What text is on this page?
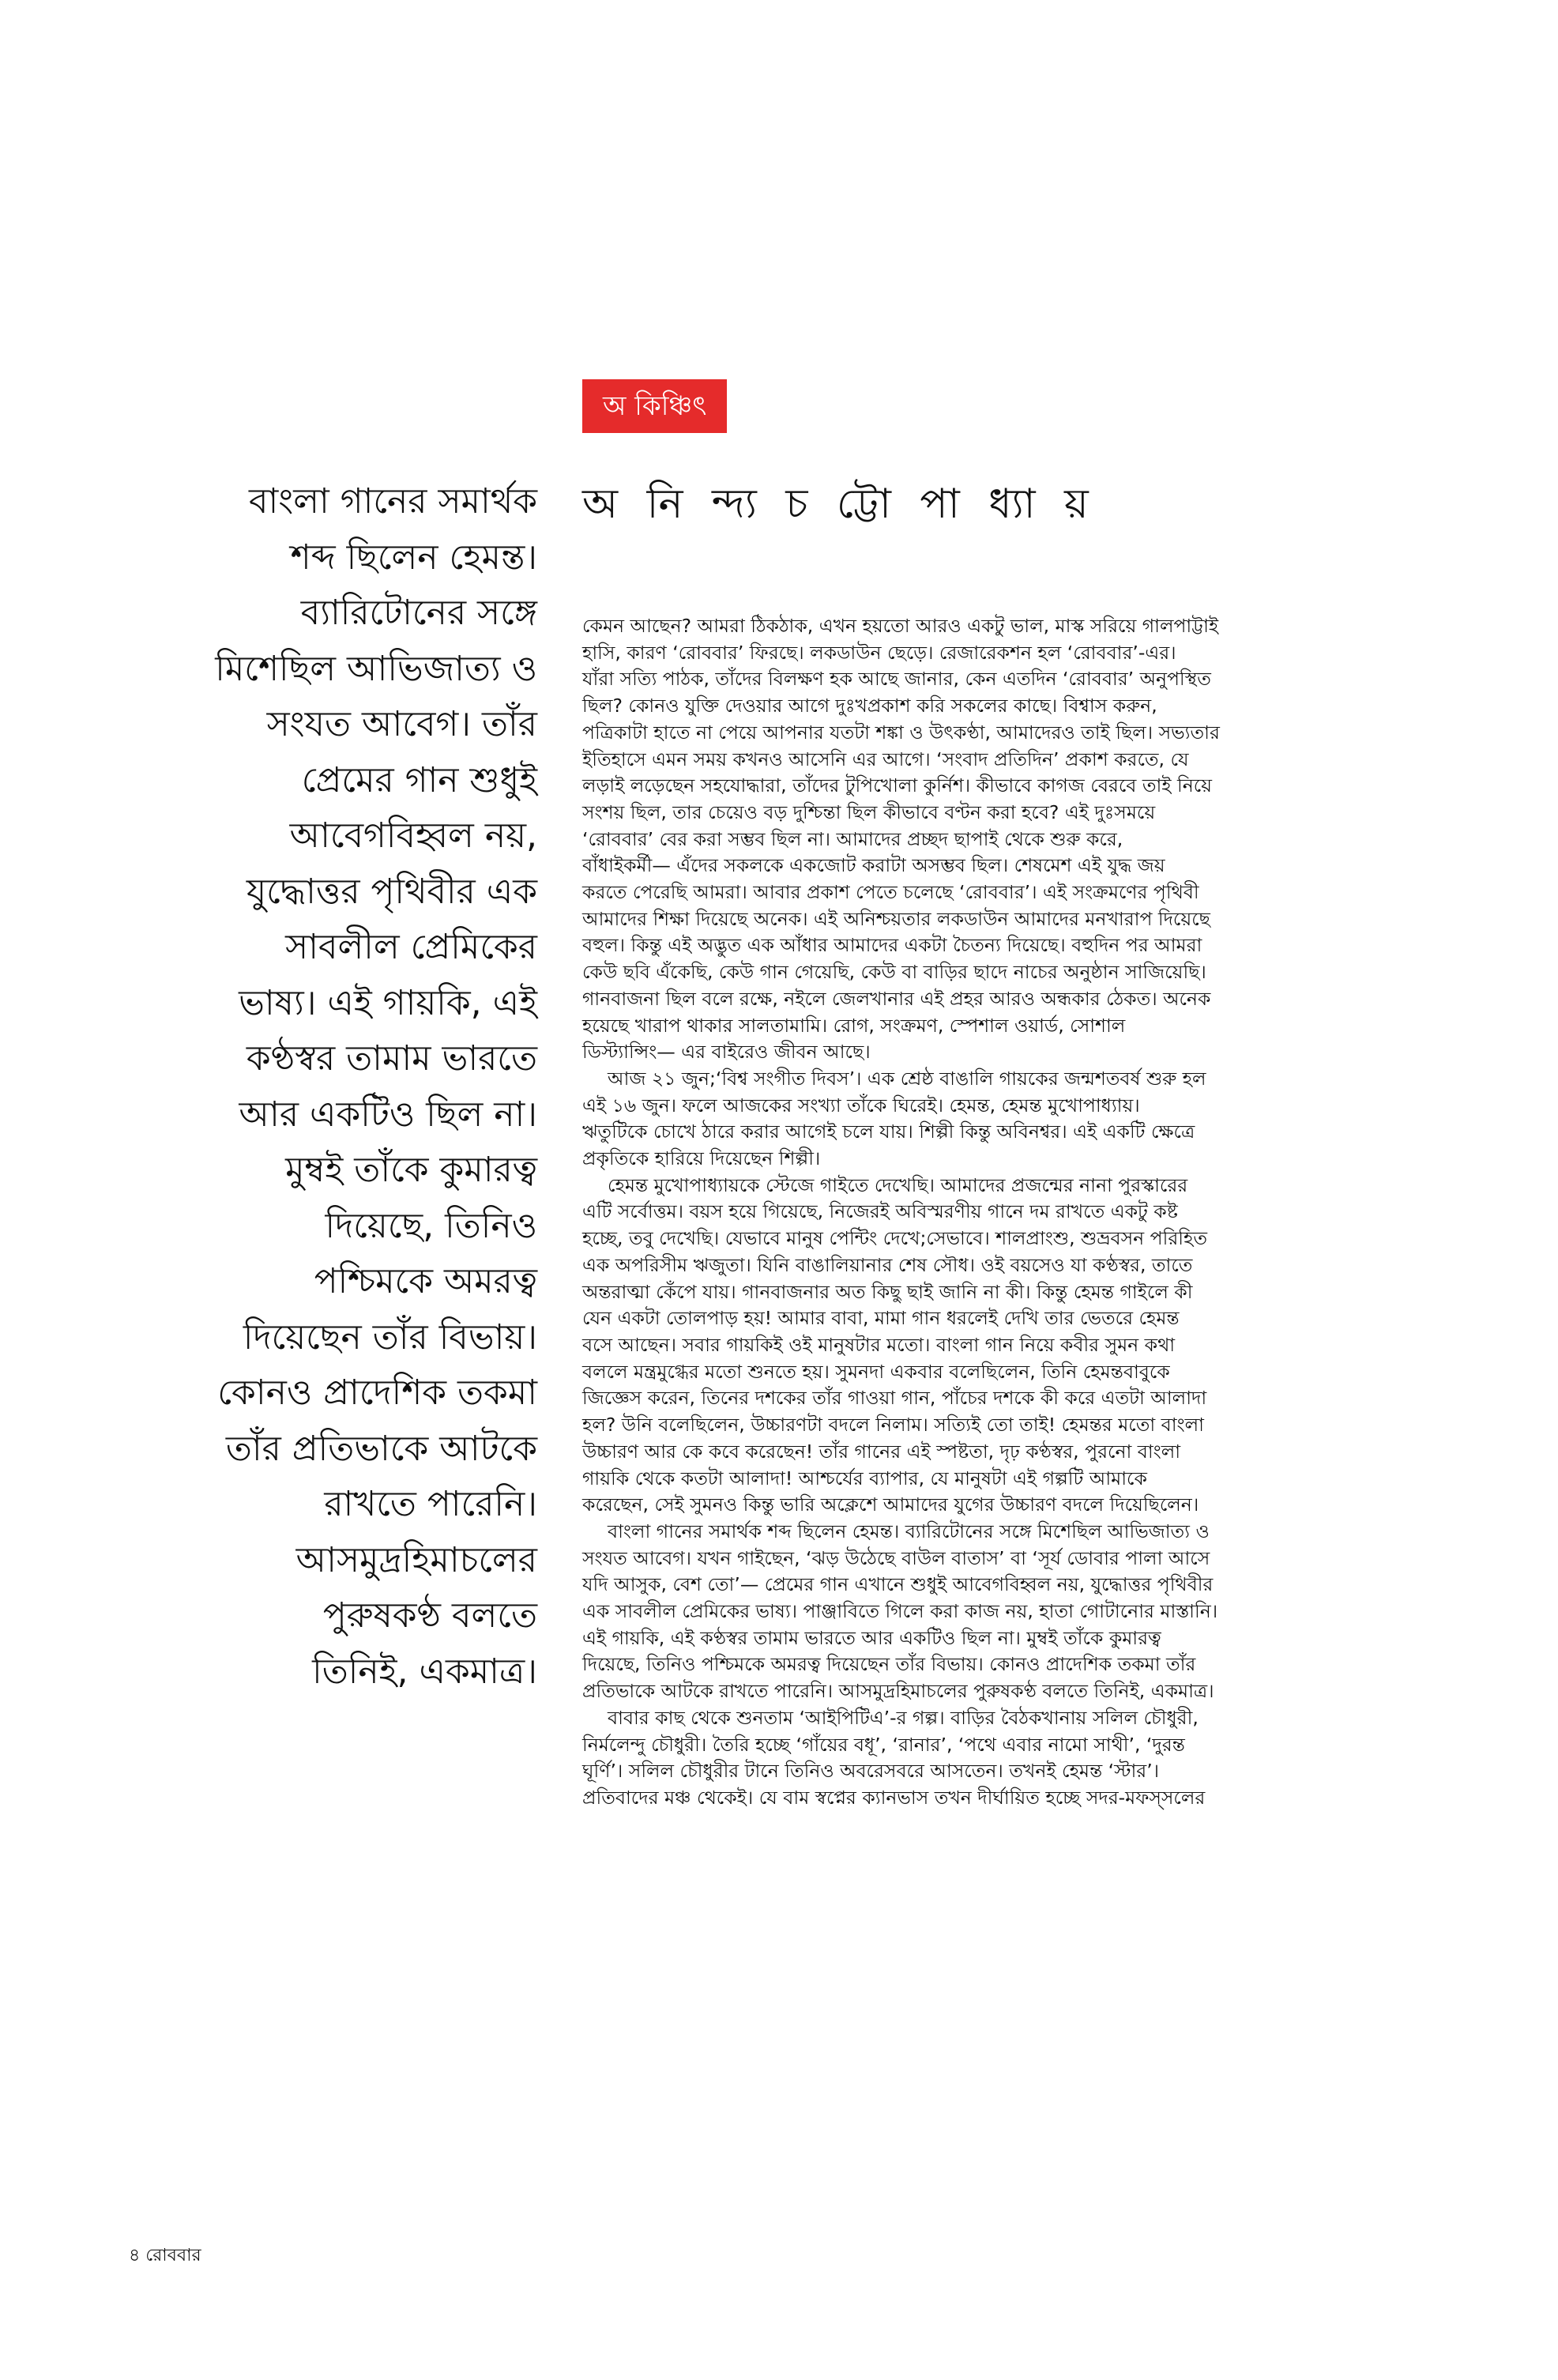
অ কিঞ্চিৎ
অ নি ন্দ্য চ ট্টো পা ধ্যা য়
বাংলা গানের সমার্থক
শব্দ ছিলেন হেমন্ত।
ব্যারিটোনের সঙ্গে
মিশেছিল আভিজাত্য ও
সংযত আবেগ। তাঁর
প্রেমের গান শুধুই
আবেগবিহ্বল নয়,
যুদ্ধোত্তর পৃথিবীর এক
সাবলীল প্রেমিকের
ভাষ্য। এই গায়কি, এই
কণ্ঠস্বর তামাম ভারতে
আর একটিও ছিল না।
মুম্বই তাঁকে কুমারত্ব
দিয়েছে, তিনিও
পশ্চিমকে অমরত্ব
দিয়েছেন তাঁর বিভায়।
কোনও প্রাদেশিক তকমা
তাঁর প্রতিভাকে আটকে
রাখতে পারেনি।
আসমুদ্রহিমাচলের
পুরুষকণ্ঠ বলতে
তিনিই, একমাত্র।
কেমন আছেন? আমরা ঠিকঠাক, এখন হয়তো আরও একটু ভাল, মাস্ক সরিয়ে গালপাট্টাই
হাসি, কারণ ‘রোববার’ ফিরছে। লকডাউন ছেড়ে। রেজারেকশন হল ‘রোববার’-এর।
যাঁরা সত্যি পাঠক, তাঁদের বিলক্ষণ হক আছে জানার, কেন এতদিন ‘রোববার’ অনুপস্থিত
ছিল? কোনও যুক্তি দেওয়ার আগে দুঃখপ্রকাশ করি সকলের কাছে। বিশ্বাস করুন,
পত্রিকাটা হাতে না পেয়ে আপনার যতটা শঙ্কা ও উৎকণ্ঠা, আমাদেরও তাই ছিল। সভ্যতার
ইতিহাসে এমন সময় কখনও আসেনি এর আগে। ‘সংবাদ প্রতিদিন’ প্রকাশ করতে, যে
লড়াই লড়েছেন সহযোদ্ধারা, তাঁদের টুপিখোলা কুর্নিশ। কীভাবে কাগজ বেরবে তাই নিয়ে
সংশয় ছিল, তার চেয়েও বড় দুশ্চিন্তা ছিল কীভাবে বণ্টন করা হবে? এই দুঃসময়ে
‘রোববার’ বের করা সম্ভব ছিল না। আমাদের প্রচ্ছদ ছাপাই থেকে শুরু করে,
বাঁধাইকর্মী— এঁদের সকলকে একজোট করাটা অসম্ভব ছিল। শেষমেশ এই যুদ্ধ জয়
করতে পেরেছি আমরা। আবার প্রকাশ পেতে চলেছে ‘রোববার’। এই সংক্রমণের পৃথিবী
আমাদের শিক্ষা দিয়েছে অনেক। এই অনিশ্চয়তার লকডাউন আমাদের মনখারাপ দিয়েছে
বহুল। কিন্তু এই অদ্ভুত এক আঁধার আমাদের একটা চৈতন্য দিয়েছে। বহুদিন পর আমরা
কেউ ছবি এঁকেছি, কেউ গান গেয়েছি, কেউ বা বাড়ির ছাদে নাচের অনুষ্ঠান সাজিয়েছি।
গানবাজনা ছিল বলে রক্ষে, নইলে জেলখানার এই প্রহর আরও অন্ধকার ঠেকত। অনেক
হয়েছে খারাপ থাকার সালতামামি। রোগ, সংক্রমণ, স্পেশাল ওয়ার্ড, সোশাল
ডিস্ট্যান্সিং— এর বাইরেও জীবন আছে।
আজ ২১ জুন;‘বিশ্ব সংগীত দিবস’। এক শ্রেষ্ঠ বাঙালি গায়কের জন্মশতবর্ষ শুরু হল
এই ১৬ জুন। ফলে আজকের সংখ্যা তাঁকে ঘিরেই। হেমন্ত, হেমন্ত মুখোপাধ্যায়।
ঋতুটিকে চোখে ঠারে করার আগেই চলে যায়। শিল্পী কিন্তু অবিনশ্বর। এই একটি ক্ষেত্রে
প্রকৃতিকে হারিয়ে দিয়েছেন শিল্পী।
হেমন্ত মুখোপাধ্যায়কে স্টেজে গাইতে দেখেছি। আমাদের প্রজন্মের নানা পুরস্কারের
এটি সর্বোত্তম। বয়স হয়ে গিয়েছে, নিজেরই অবিস্মরণীয় গানে দম রাখতে একটু কষ্ট
হচ্ছে, তবু দেখেছি। যেভাবে মানুষ পেন্টিং দেখে;সেভাবে। শালপ্রাংশু, শুভ্রবসন পরিহিত
এক অপরিসীম ঋজুতা। যিনি বাঙালিয়ানার শেষ সৌধ। ওই বয়সেও যা কণ্ঠস্বর, তাতে
অন্তরাত্মা কেঁপে যায়। গানবাজনার অত কিছু ছাই জানি না কী। কিন্তু হেমন্ত গাইলে কী
যেন একটা তোলপাড় হয়! আমার বাবা, মামা গান ধরলেই দেখি তার ভেতরে হেমন্ত
বসে আছেন। সবার গায়কিই ওই মানুষটার মতো। বাংলা গান নিয়ে কবীর সুমন কথা
বললে মন্ত্রমুগ্ধের মতো শুনতে হয়। সুমনদা একবার বলেছিলেন, তিনি হেমন্তবাবুকে
জিজ্ঞেস করেন, তিনের দশকের তাঁর গাওয়া গান, পাঁচের দশকে কী করে এতটা আলাদা
হল? উনি বলেছিলেন, উচ্চারণটা বদলে নিলাম। সত্যিই তো তাই! হেমন্তর মতো বাংলা
উচ্চারণ আর কে কবে করেছেন! তাঁর গানের এই স্পষ্টতা, দৃঢ় কণ্ঠস্বর, পুরনো বাংলা
গায়কি থেকে কতটা আলাদা! আশ্চর্যের ব্যাপার, যে মানুষটা এই গল্পটি আমাকে
করেছেন, সেই সুমনও কিন্তু ভারি অক্লেশে আমাদের যুগের উচ্চারণ বদলে দিয়েছিলেন।
বাংলা গানের সমার্থক শব্দ ছিলেন হেমন্ত। ব্যারিটোনের সঙ্গে মিশেছিল আভিজাত্য ও
সংযত আবেগ। যখন গাইছেন, ‘ঝড় উঠেছে বাউল বাতাস’ বা ‘সূর্য ডোবার পালা আসে
যদি আসুক, বেশ তো’— প্রেমের গান এখানে শুধুই আবেগবিহ্বল নয়, যুদ্ধোত্তর পৃথিবীর
এক সাবলীল প্রেমিকের ভাষ্য। পাঞ্জাবিতে গিলে করা কাজ নয়, হাতা গোটানোর মাস্তানি।
এই গায়কি, এই কণ্ঠস্বর তামাম ভারতে আর একটিও ছিল না। মুম্বই তাঁকে কুমারত্ব
দিয়েছে, তিনিও পশ্চিমকে অমরত্ব দিয়েছেন তাঁর বিভায়। কোনও প্রাদেশিক তকমা তাঁর
প্রতিভাকে আটকে রাখতে পারেনি। আসমুদ্রহিমাচলের পুরুষকণ্ঠ বলতে তিনিই, একমাত্র।
বাবার কাছ থেকে শুনতাম ‘আইপিটিএ’-র গল্প। বাড়ির বৈঠকখানায় সলিল চৌধুরী,
নির্মলেন্দু চৌধুরী। তৈরি হচ্ছে ‘গাঁয়ের বধূ’, ‘রানার’, ‘পথে এবার নামো সাথী’, ‘দুরন্ত
ঘূর্ণি’। সলিল চৌধুরীর টানে তিনিও অবরেসবরে আসতেন। তখনই হেমন্ত ‘স্টার’।
প্রতিবাদের মঞ্চ থেকেই। যে বাম স্বপ্নের ক্যানভাস তখন দীর্ঘায়িত হচ্ছে সদর-মফস্সলের
৪ রোববার
